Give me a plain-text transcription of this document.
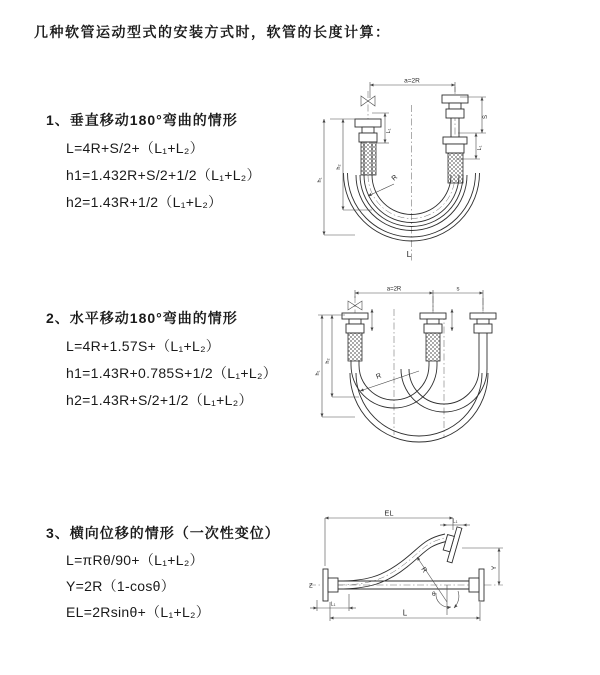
几种软管运动型式的安装方式时，软管的长度计算：
1、垂直移动180°弯曲的情形
L=4R+S/2+（L₁+L₂）
h1=1.432R+S/2+1/2（L₁+L₂）
h2=1.43R+1/2（L₁+L₂）
2、水平移动180°弯曲的情形
L=4R+1.57S+（L₁+L₂）
h1=1.43R+0.785S+1/2（L₁+L₂）
h2=1.43R+S/2+1/2（L₁+L₂）
3、横向位移的情形（一次性变位）
L=πRθ/90+（L₁+L₂）
Y=2R（1-cosθ）
EL=2Rsinθ+（L₁+L₂）
a=2R
L₁
S
L₁
h₁
h₂
R
L
a=2R	s
h₁
h₂
R
EL
L₁
Y
R
θ
Z
L
L₁
